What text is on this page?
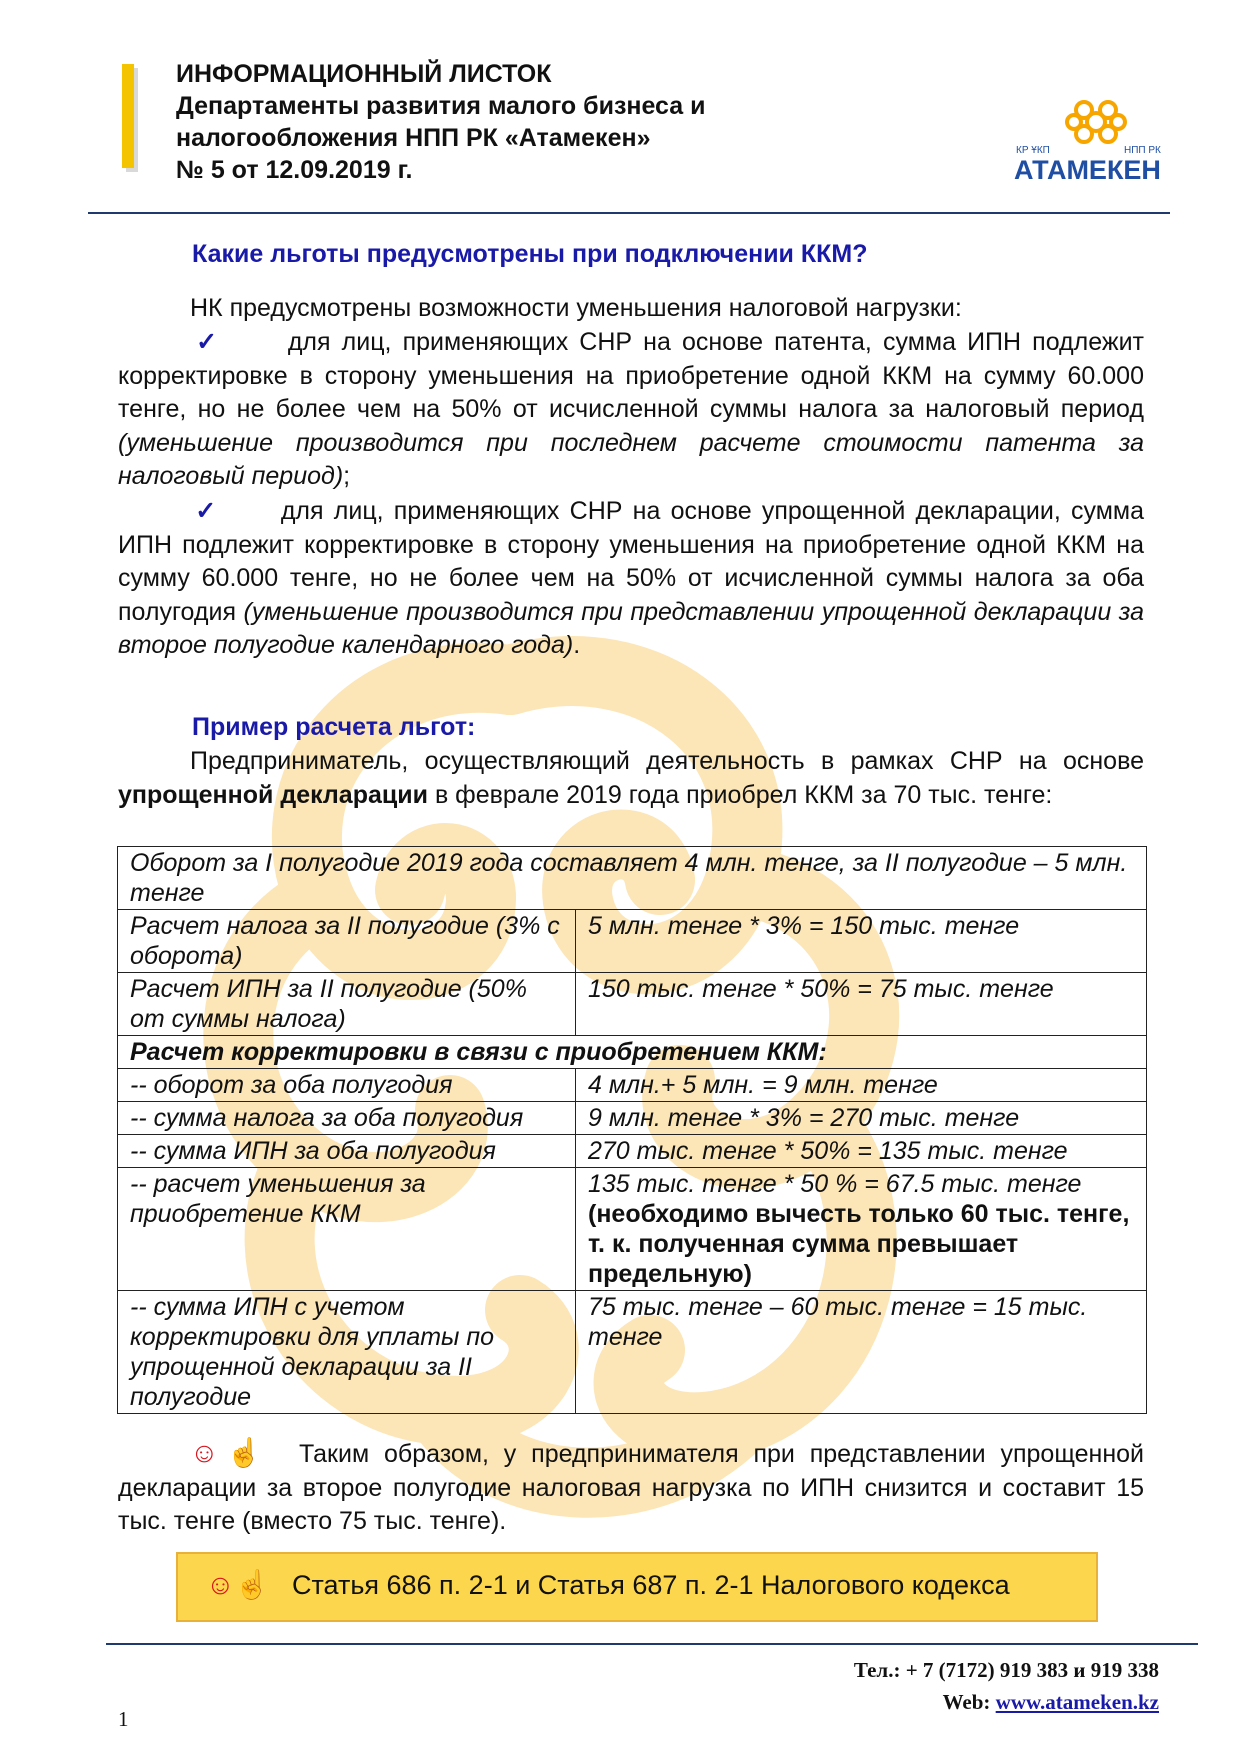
ИНФОРМАЦИОННЫЙ ЛИСТОК
Департаменты развития малого бизнеса и
налогообложения НПП РК «Атамекен»
№ 5 от 12.09.2019 г.
КР ҰКП	НПП РК
АТАМЕКЕН
Какие льготы предусмотрены при подключении ККМ?
НК предусмотрены возможности уменьшения налоговой нагрузки:
✓	для лиц, применяющих СНР на основе патента, сумма ИПН подлежит корректировке в сторону уменьшения на приобретение одной ККМ на сумму 60.000 тенге, но не более чем на 50% от исчисленной суммы налога за налоговый период (уменьшение производится при последнем расчете стоимости патента за налоговый период);
✓ для лиц, применяющих СНР на основе упрощенной декларации, сумма ИПН подлежит корректировке в сторону уменьшения на приобретение одной ККМ на сумму 60.000 тенге, но не более чем на 50% от исчисленной суммы налога за оба полугодия (уменьшение производится при представлении упрощенной декларации за второе полугодие календарного года).
Пример расчета льгот:
Предприниматель, осуществляющий деятельность в рамках СНР на основе упрощенной декларации в феврале 2019 года приобрел ККМ за 70 тыс. тенге:
Оборот за I полугодие 2019 года составляет 4 млн. тенге, за II полугодие – 5 млн. тенге	
Расчет налога за II полугодие (3% с оборота)	5 млн. тенге * 3% = 150 тыс. тенге
Расчет ИПН за II полугодие (50% от суммы налога)	150 тыс. тенге * 50% = 75 тыс. тенге
Расчет корректировки в связи с приобретением ККМ:	
-- оборот за оба полугодия	4 млн.+ 5 млн. = 9 млн. тенге
-- сумма налога за оба полугодия	9 млн. тенге * 3% = 270 тыс. тенге
-- сумма ИПН за оба полугодия	270 тыс. тенге * 50% = 135 тыс. тенге
-- расчет уменьшения за приобретение ККМ	135 тыс. тенге * 50 % = 67.5 тыс. тенге
(необходимо вычесть только 60 тыс. тенге, т. к. полученная сумма превышает предельную)

-- сумма ИПН с учетом корректировки для уплаты по упрощенной декларации за II полугодие	75 тыс. тенге – 60 тыс. тенге = 15 тыс. тенге
☺☝ Таким образом, у предпринимателя при представлении упрощенной декларации за второе полугодие налоговая нагрузка по ИПН снизится и составит 15 тыс. тенге (вместо 75 тыс. тенге).
☺☝ Статья 686 п. 2-1 и Статья 687 п. 2-1 Налогового кодекса
Тел.: + 7 (7172) 919 383 и 919 338
Web: www.atameken.kz
1
